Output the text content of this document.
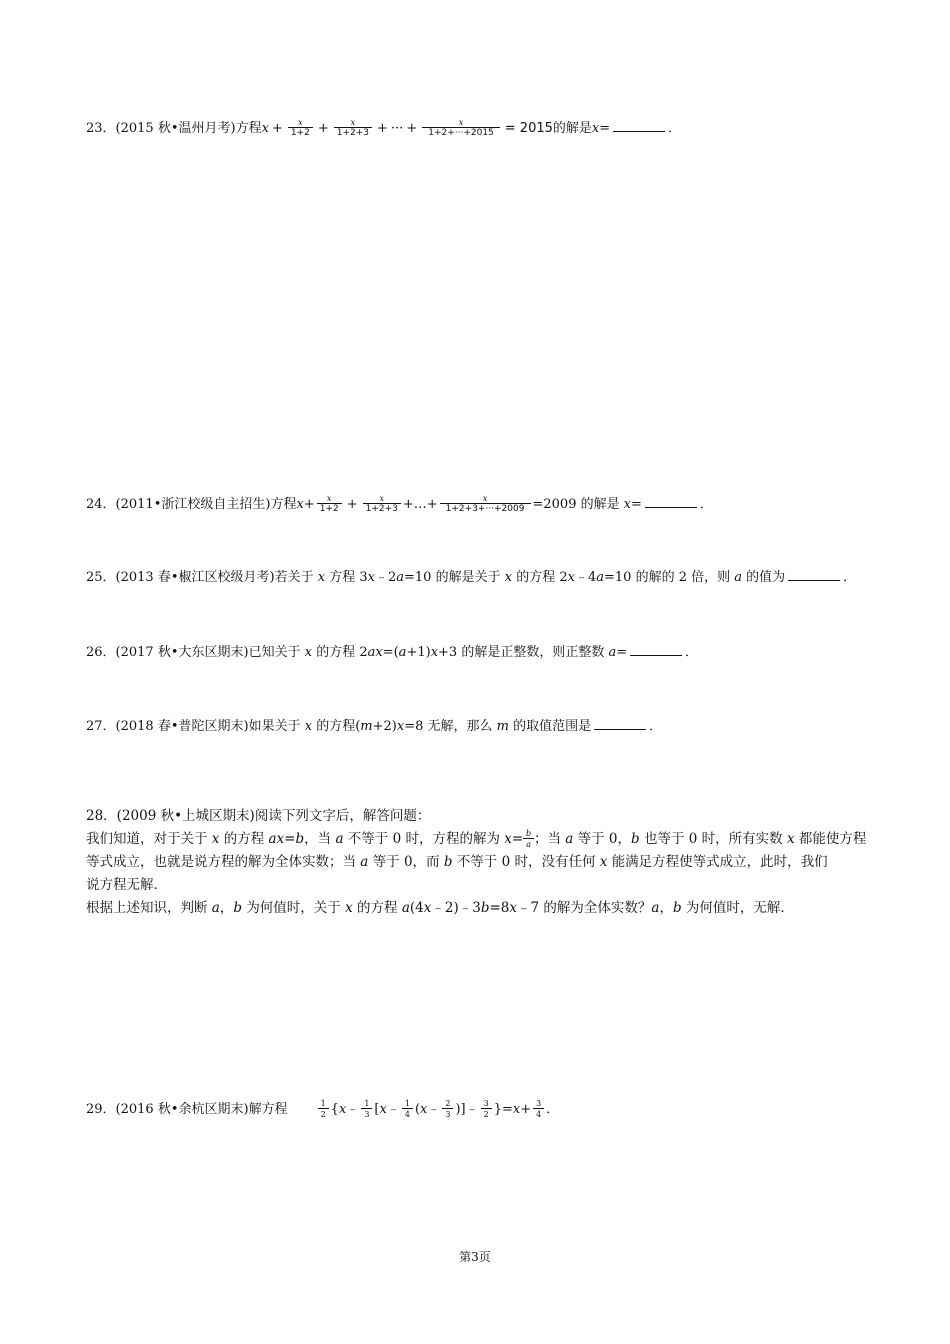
23．(2015 秋•温州月考)方程$x + \frac{x}{1+2} + \frac{x}{1+2+3}$ + ··· + $\frac{x}{1+2+\cdot\cdot\cdot+2015} = 2015$的解是x=	．
24．(2011•浙江校级自主招生)方程$x+ \frac{x}{1+2} + \frac{x}{1+2+3}$ +…+ $\frac{x}{1+2+3+\cdot\cdot\cdot+2009} =2009$ 的解是 x=	．
25．(2013 春•椒江区校级月考)若关于 x 方程 3x﹣2a=10 的解是关于 x 的方程 2x﹣4a=10 的解的 2 倍，则 a 的值为	．
26．(2017 秋•大东区期末)已知关于 x 的方程 2ax=(a+1)x+3 的解是正整数，则正整数 a=	．
27．(2018 春•普陀区期末)如果关于 x 的方程(m+2)x=8 无解，那么 m 的取值范围是	．

28．(2009 秋•上城区期末)阅读下列文字后，解答问题：

我们知道，对于关于 x 的方程 ax=b，当 a 不等于 0 时，方程的解为 $x= \frac{b}{a}$ ；当 a 等于 0，b 也等于 0 时，所有实数 x 都能使方程

等式成立，也就是说方程的解为全体实数；当 a 等于 0，而 b 不等于 0 时，没有任何 x 能满足方程使等式成立，此时，我们

说方程无解．

根据上述知识，判断 a，b 为何值时，关于 x 的方程 a(4x﹣2)﹣3b=8x﹣7 的解为全体实数？a，b 为何值时，无解．

29．(2016 秋•余杭区期末)解方程	$\frac{1}{2}$ {x﹣ $\frac{1}{3}$ [x﹣ $\frac{1}{4}$ (x﹣ $\frac{2}{3}$ )]﹣ $\frac{3}{2} \}=x+ \frac{3}{4}$ ．
第3页
